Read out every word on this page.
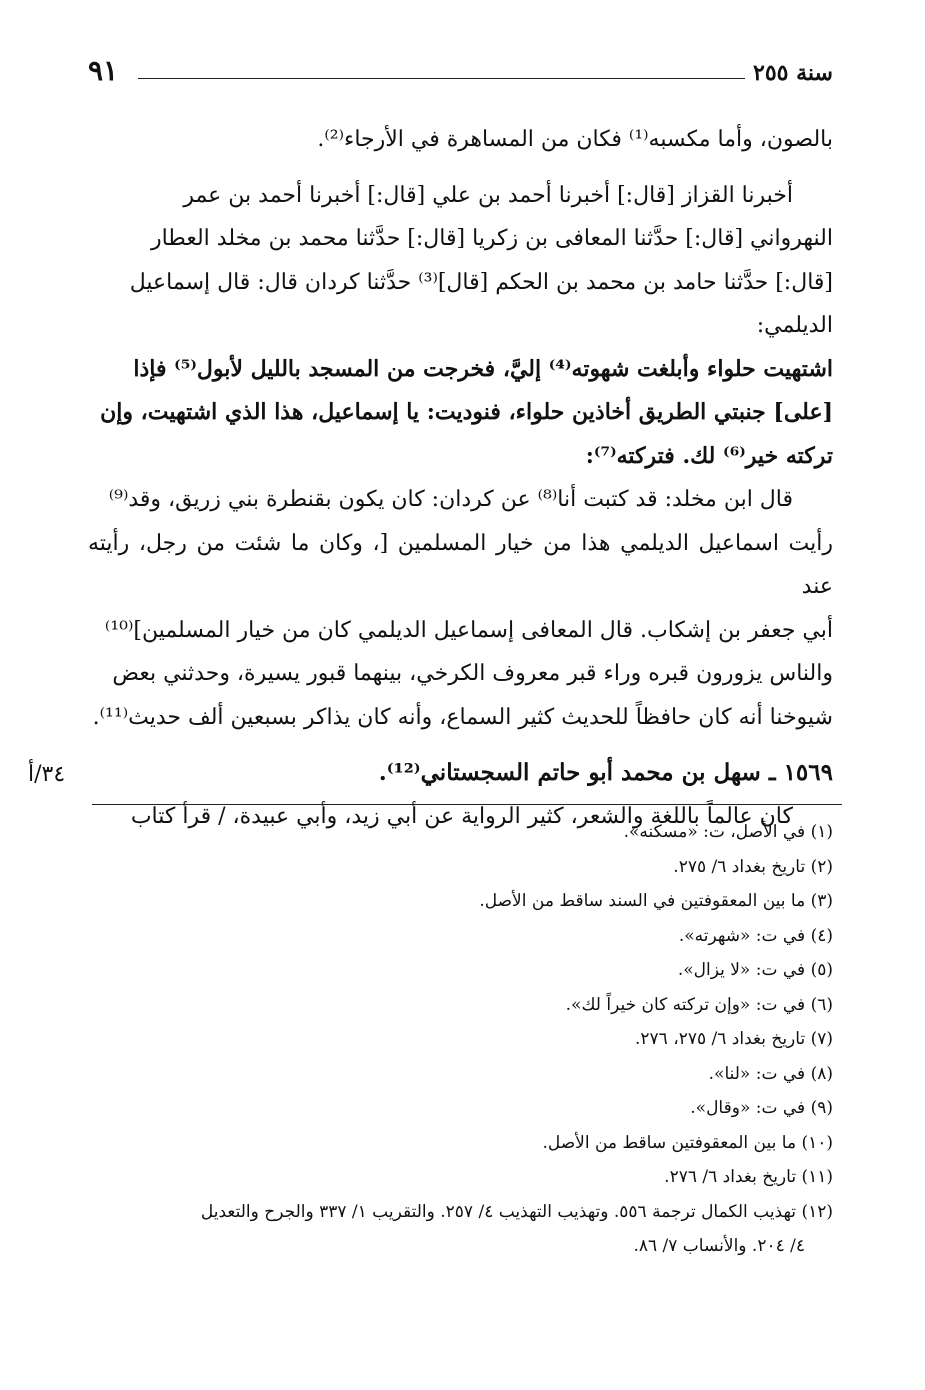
سنة ٢٥٥
٩١

بالصون، وأما مكسبه⁽¹⁾ فكان من المساهرة في الأرجاء⁽²⁾.

أخبرنا القزاز [قال:] أخبرنا أحمد بن علي [قال:] أخبرنا أحمد بن عمر

النهرواني [قال:] حدَّثنا المعافى بن زكريا [قال:] حدَّثنا محمد بن مخلد العطار

[قال:] حدَّثنا حامد بن محمد بن الحكم [قال]⁽³⁾ حدَّثنا كردان قال: قال إسماعيل

الديلمي:

اشتهيت حلواء وأبلغت شهوته⁽⁴⁾ إليَّ، فخرجت من المسجد بالليل لأبول⁽⁵⁾ فإذا

[على] جنبتي الطريق أخاذين حلواء، فنوديت: يا إسماعيل، هذا الذي اشتهيت، وإن

تركته خير⁽⁶⁾ لك. فتركته⁽⁷⁾:

قال ابن مخلد: قد كتبت أنا⁽⁸⁾ عن كردان: كان يكون بقنطرة بني زريق، وقد⁽⁹⁾

رأيت اسماعيل الديلمي هذا من خيار المسلمين [، وكان ما شئت من رجل، رأيته عند

أبي جعفر بن إشكاب. قال المعافى إسماعيل الديلمي كان من خيار المسلمين]⁽¹⁰⁾

والناس يزورون قبره وراء قبر معروف الكرخي، بينهما قبور يسيرة، وحدثني بعض

شيوخنا أنه كان حافظاً للحديث كثير السماع، وأنه كان يذاكر بسبعين ألف حديث⁽¹¹⁾.

١٥٦٩ ـ سهل بن محمد أبو حاتم السجستاني⁽¹²⁾.

كان عالماً باللغة والشعر، كثير الرواية عن أبي زيد، وأبي عبيدة، / قرأ كتاب

٣٤/أ

(١) في الأصل، ت: «مسكنه».

(٢) تاريخ بغداد ٦/ ٢٧٥.

(٣) ما بين المعقوفتين في السند ساقط من الأصل.

(٤) في ت: «شهرته».

(٥) في ت: «لا يزال».

(٦) في ت: «وإن تركته كان خيراً لك».

(٧) تاريخ بغداد ٦/ ٢٧٥، ٢٧٦.

(٨) في ت: «لنا».

(٩) في ت: «وقال».

(١٠) ما بين المعقوفتين ساقط من الأصل.

(١١) تاريخ بغداد ٦/ ٢٧٦.

(١٢) تهذيب الكمال ترجمة ٥٥٦. وتهذيب التهذيب ٤/ ٢٥٧. والتقريب ١/ ٣٣٧ والجرح والتعديل

٤/ ٢٠٤. والأنساب ٧/ ٨٦.
